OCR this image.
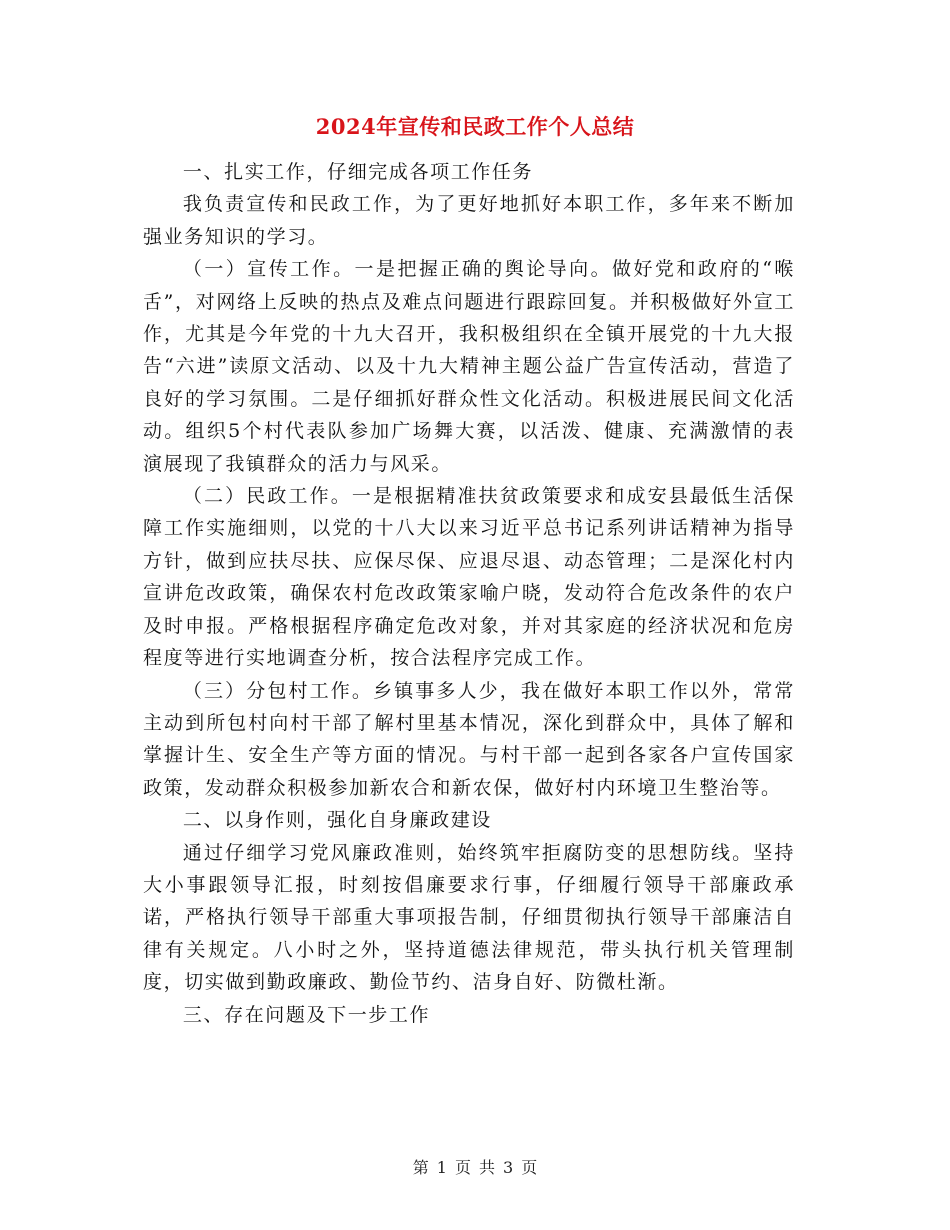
2024年宣传和民政工作个人总结

一、扎实工作，仔细完成各项工作任务

我负责宣传和民政工作，为了更好地抓好本职工作，多年来不断加强业务知识的学习。

（一）宣传工作。一是把握正确的舆论导向。做好党和政府的“喉舌”，对网络上反映的热点及难点问题进行跟踪回复。并积极做好外宣工作，尤其是今年党的十九大召开，我积极组织在全镇开展党的十九大报告“六进”读原文活动、以及十九大精神主题公益广告宣传活动，营造了良好的学习氛围。二是仔细抓好群众性文化活动。积极进展民间文化活动。组织5个村代表队参加广场舞大赛，以活泼、健康、充满激情的表演展现了我镇群众的活力与风采。

（二）民政工作。一是根据精准扶贫政策要求和成安县最低生活保障工作实施细则，以党的十八大以来习近平总书记系列讲话精神为指导方针，做到应扶尽扶、应保尽保、应退尽退、动态管理；二是深化村内宣讲危改政策，确保农村危改政策家喻户晓，发动符合危改条件的农户及时申报。严格根据程序确定危改对象，并对其家庭的经济状况和危房程度等进行实地调查分析，按合法程序完成工作。

（三）分包村工作。乡镇事多人少，我在做好本职工作以外，常常主动到所包村向村干部了解村里基本情况，深化到群众中，具体了解和掌握计生、安全生产等方面的情况。与村干部一起到各家各户宣传国家政策，发动群众积极参加新农合和新农保，做好村内环境卫生整治等。

二、以身作则，强化自身廉政建设

通过仔细学习党风廉政准则，始终筑牢拒腐防变的思想防线。坚持大小事跟领导汇报，时刻按倡廉要求行事，仔细履行领导干部廉政承诺，严格执行领导干部重大事项报告制，仔细贯彻执行领导干部廉洁自律有关规定。八小时之外，坚持道德法律规范，带头执行机关管理制度，切实做到勤政廉政、勤俭节约、洁身自好、防微杜渐。

三、存在问题及下一步工作

第 1 页 共 3 页
